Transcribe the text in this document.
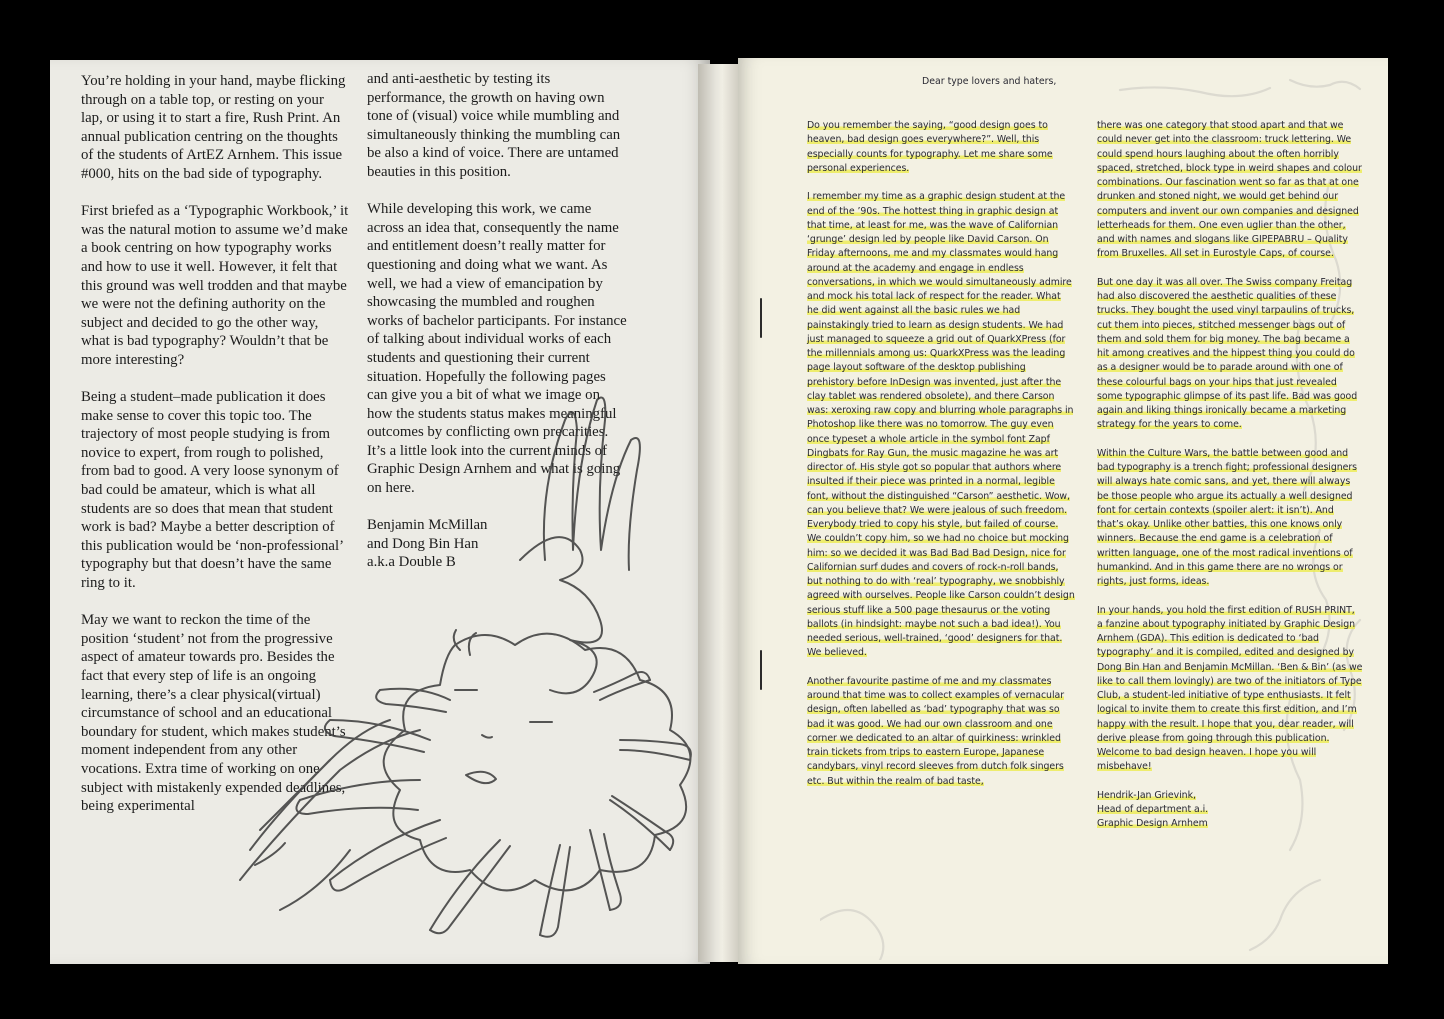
You’re holding in your hand, maybe flicking through on a table top, or resting on your lap, or using it to start a fire, Rush Print. An annual publication centring on the thoughts of the students of ArtEZ Arnhem. This issue #000, hits on the bad side of typography.

First briefed as a ‘Typographic Workbook,’ it was the natural motion to assume we’d make a book centring on how typography works and how to use it well. However, it felt that this ground was well trodden and that maybe we were not the defining authority on the subject and decided to go the other way, what is bad typography? Wouldn’t that be more interesting?

Being a student–made publication it does make sense to cover this topic too. The trajectory of most people studying is from novice to expert, from rough to polished, from bad to good. A very loose synonym of bad could be amateur, which is what all students are so does that mean that student work is bad? Maybe a better description of this publication would be ‘non-professional’ typography but that doesn’t have the same ring to it.

May we want to reckon the time of the position ‘student’ not from the progressive aspect of amateur towards pro. Besides the fact that every step of life is an ongoing learning, there’s a clear physical(virtual) circumstance of school and an educational boundary for student, which makes student’s moment independent from any other vocations. Extra time of working on one subject with mistakenly expended deadlines, being experimental

and anti-aesthetic by testing its performance, the growth on having own tone of (visual) voice while mumbling and simultaneously thinking the mumbling can be also a kind of voice. There are untamed beauties in this position.

While developing this work, we came across an idea that, consequently the name and entitlement doesn’t really matter for questioning and doing what we want. As well, we had a view of emancipation by showcasing the mumbled and roughen works of bachelor participants. For instance of talking about individual works of each students and questioning their current situation. Hopefully the following pages can give you a bit of what we image on how the students status makes meaningful outcomes by conflicting own precarities. It’s a little look into the current minds of Graphic Design Arnhem and what is going on here.

Benjamin McMillan

and Dong Bin Han

a.k.a Double B

Dear type lovers and haters,

Do you remember the saying, “good design goes to heaven, bad design goes everywhere?”. Well, this especially counts for typography. Let me share some personal experiences.

I remember my time as a graphic design student at the end of the ’90s. The hottest thing in graphic design at that time, at least for me, was the wave of Californian ‘grunge’ design led by people like David Carson. On Friday afternoons, me and my classmates would hang around at the academy and engage in endless conversations, in which we would simultaneously admire and mock his total lack of respect for the reader. What he did went against all the basic rules we had painstakingly tried to learn as design students. We had just managed to squeeze a grid out of QuarkXPress (for the millennials among us: QuarkXPress was the leading page layout software of the desktop publishing prehistory before InDesign was invented, just after the clay tablet was rendered obsolete), and there Carson was: xeroxing raw copy and blurring whole paragraphs in Photoshop like there was no tomorrow. The guy even once typeset a whole article in the symbol font Zapf Dingbats for Ray Gun, the music magazine he was art director of. His style got so popular that authors where insulted if their piece was printed in a normal, legible font, without the distinguished “Carson” aesthetic. Wow, can you believe that? We were jealous of such freedom. Everybody tried to copy his style, but failed of course. We couldn’t copy him, so we had no choice but mocking him: so we decided it was Bad Bad Bad Design, nice for Californian surf dudes and covers of rock-n-roll bands, but nothing to do with ‘real’ typography, we snobbishly agreed with ourselves. People like Carson couldn’t design serious stuff like a 500 page thesaurus or the voting ballots (in hindsight: maybe not such a bad idea!). You needed serious, well-trained, ‘good’ designers for that. We believed.

Another favourite pastime of me and my classmates around that time was to collect examples of vernacular design, often labelled as ‘bad’ typography that was so bad it was good. We had our own classroom and one corner we dedicated to an altar of quirkiness: wrinkled train tickets from trips to eastern Europe, Japanese candybars, vinyl record sleeves from dutch folk singers etc. But within the realm of bad taste,

there was one category that stood apart and that we could never get into the classroom: truck lettering. We could spend hours laughing about the often horribly spaced, stretched, block type in weird shapes and colour combinations. Our fascination went so far as that at one drunken and stoned night, we would get behind our computers and invent our own companies and designed letterheads for them. One even uglier than the other, and with names and slogans like GIPEPABRU – Quality from Bruxelles. All set in Eurostyle Caps, of course.

But one day it was all over. The Swiss company Freitag had also discovered the aesthetic qualities of these trucks. They bought the used vinyl tarpaulins of trucks, cut them into pieces, stitched messenger bags out of them and sold them for big money. The bag became a hit among creatives and the hippest thing you could do as a designer would be to parade around with one of these colourful bags on your hips that just revealed some typographic glimpse of its past life. Bad was good again and liking things ironically became a marketing strategy for the years to come.

Within the Culture Wars, the battle between good and bad typography is a trench fight; professional designers will always hate comic sans, and yet, there will always be those people who argue its actually a well designed font for certain contexts (spoiler alert: it isn’t). And that’s okay. Unlike other batties, this one knows only winners. Because the end game is a celebration of written language, one of the most radical inventions of humankind. And in this game there are no wrongs or rights, just forms, ideas.

In your hands, you hold the first edition of RUSH PRINT, a fanzine about typography initiated by Graphic Design Arnhem (GDA). This edition is dedicated to ‘bad typography’ and it is compiled, edited and designed by Dong Bin Han and Benjamin McMillan. ‘Ben & Bin’ (as we like to call them lovingly) are two of the initiators of Type Club, a student-led initiative of type enthusiasts. It felt logical to invite them to create this first edition, and I’m happy with the result. I hope that you, dear reader, will derive please from going through this publication. Welcome to bad design heaven. I hope you will misbehave!

Hendrik-Jan Grievink,

Head of department a.i.

Graphic Design Arnhem
